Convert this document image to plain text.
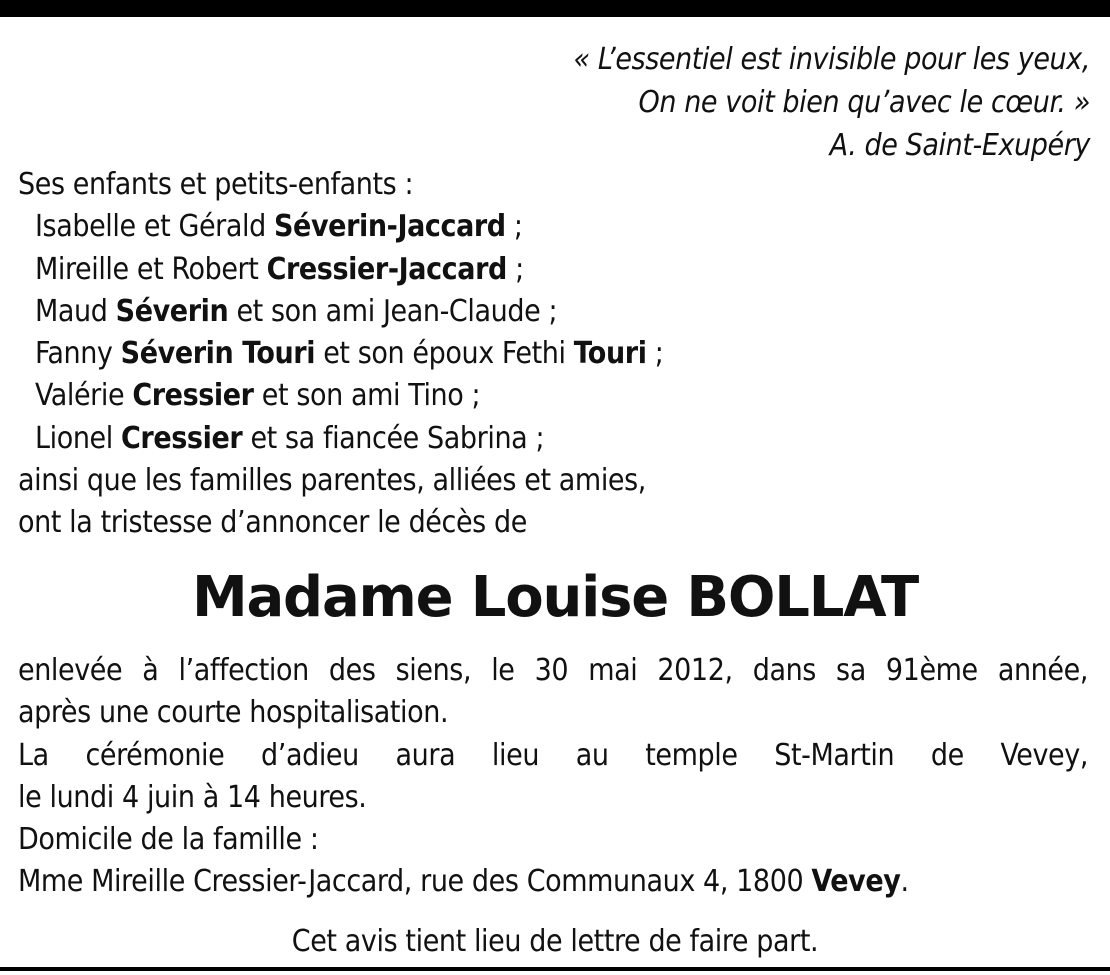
« L’essentiel est invisible pour les yeux,
On ne voit bien qu’avec le cœur. »
A. de Saint-Exupéry
Ses enfants et petits-enfants :
Isabelle et Gérald Séverin-Jaccard ;
Mireille et Robert Cressier-Jaccard ;
Maud Séverin et son ami Jean-Claude ;
Fanny Séverin Touri et son époux Fethi Touri ;
Valérie Cressier et son ami Tino ;
Lionel Cressier et sa fiancée Sabrina ;
ainsi que les familles parentes, alliées et amies,
ont la tristesse d’annoncer le décès de
Madame Louise BOLLAT
enlevée à l’affection des siens, le 30 mai 2012, dans sa 91ème année,
après une courte hospitalisation.
La cérémonie d’adieu aura lieu au temple St-Martin de Vevey,
le lundi 4 juin à 14 heures.
Domicile de la famille :
Mme Mireille Cressier-Jaccard, rue des Communaux 4, 1800 Vevey.
Cet avis tient lieu de lettre de faire part.
